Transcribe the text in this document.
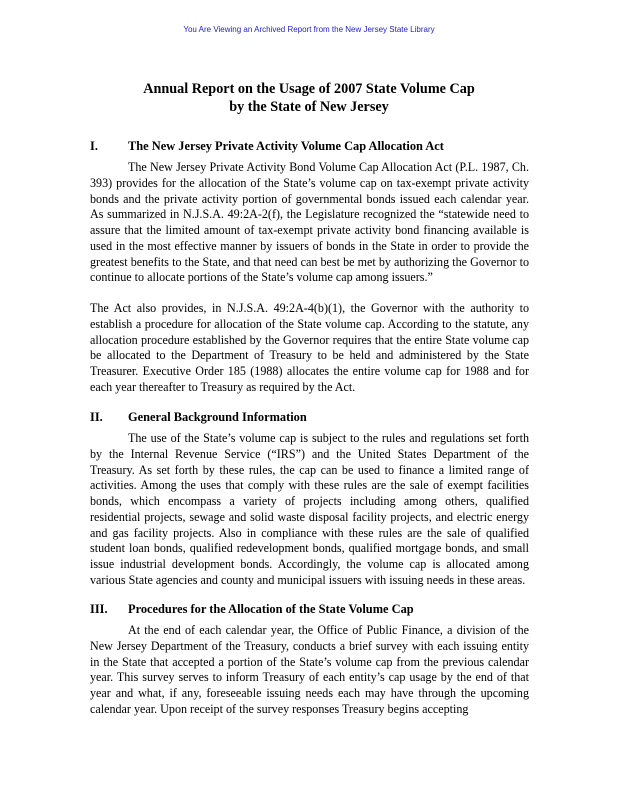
You Are Viewing an Archived Report from the New Jersey State Library
Annual Report on the Usage of 2007 State Volume Cap
by the State of New Jersey
I. The New Jersey Private Activity Volume Cap Allocation Act
The New Jersey Private Activity Bond Volume Cap Allocation Act (P.L. 1987, Ch. 393) provides for the allocation of the State’s volume cap on tax-exempt private activity bonds and the private activity portion of governmental bonds issued each calendar year. As summarized in N.J.S.A. 49:2A-2(f), the Legislature recognized the “statewide need to assure that the limited amount of tax-exempt private activity bond financing available is used in the most effective manner by issuers of bonds in the State in order to provide the greatest benefits to the State, and that need can best be met by authorizing the Governor to continue to allocate portions of the State’s volume cap among issuers.”
The Act also provides, in N.J.S.A. 49:2A-4(b)(1), the Governor with the authority to establish a procedure for allocation of the State volume cap. According to the statute, any allocation procedure established by the Governor requires that the entire State volume cap be allocated to the Department of Treasury to be held and administered by the State Treasurer. Executive Order 185 (1988) allocates the entire volume cap for 1988 and for each year thereafter to Treasury as required by the Act.
II. General Background Information
The use of the State’s volume cap is subject to the rules and regulations set forth by the Internal Revenue Service (“IRS”) and the United States Department of the Treasury. As set forth by these rules, the cap can be used to finance a limited range of activities. Among the uses that comply with these rules are the sale of exempt facilities bonds, which encompass a variety of projects including among others, qualified residential projects, sewage and solid waste disposal facility projects, and electric energy and gas facility projects. Also in compliance with these rules are the sale of qualified student loan bonds, qualified redevelopment bonds, qualified mortgage bonds, and small issue industrial development bonds. Accordingly, the volume cap is allocated among various State agencies and county and municipal issuers with issuing needs in these areas.
III. Procedures for the Allocation of the State Volume Cap
At the end of each calendar year, the Office of Public Finance, a division of the New Jersey Department of the Treasury, conducts a brief survey with each issuing entity in the State that accepted a portion of the State’s volume cap from the previous calendar year. This survey serves to inform Treasury of each entity’s cap usage by the end of that year and what, if any, foreseeable issuing needs each may have through the upcoming calendar year. Upon receipt of the survey responses Treasury begins accepting
